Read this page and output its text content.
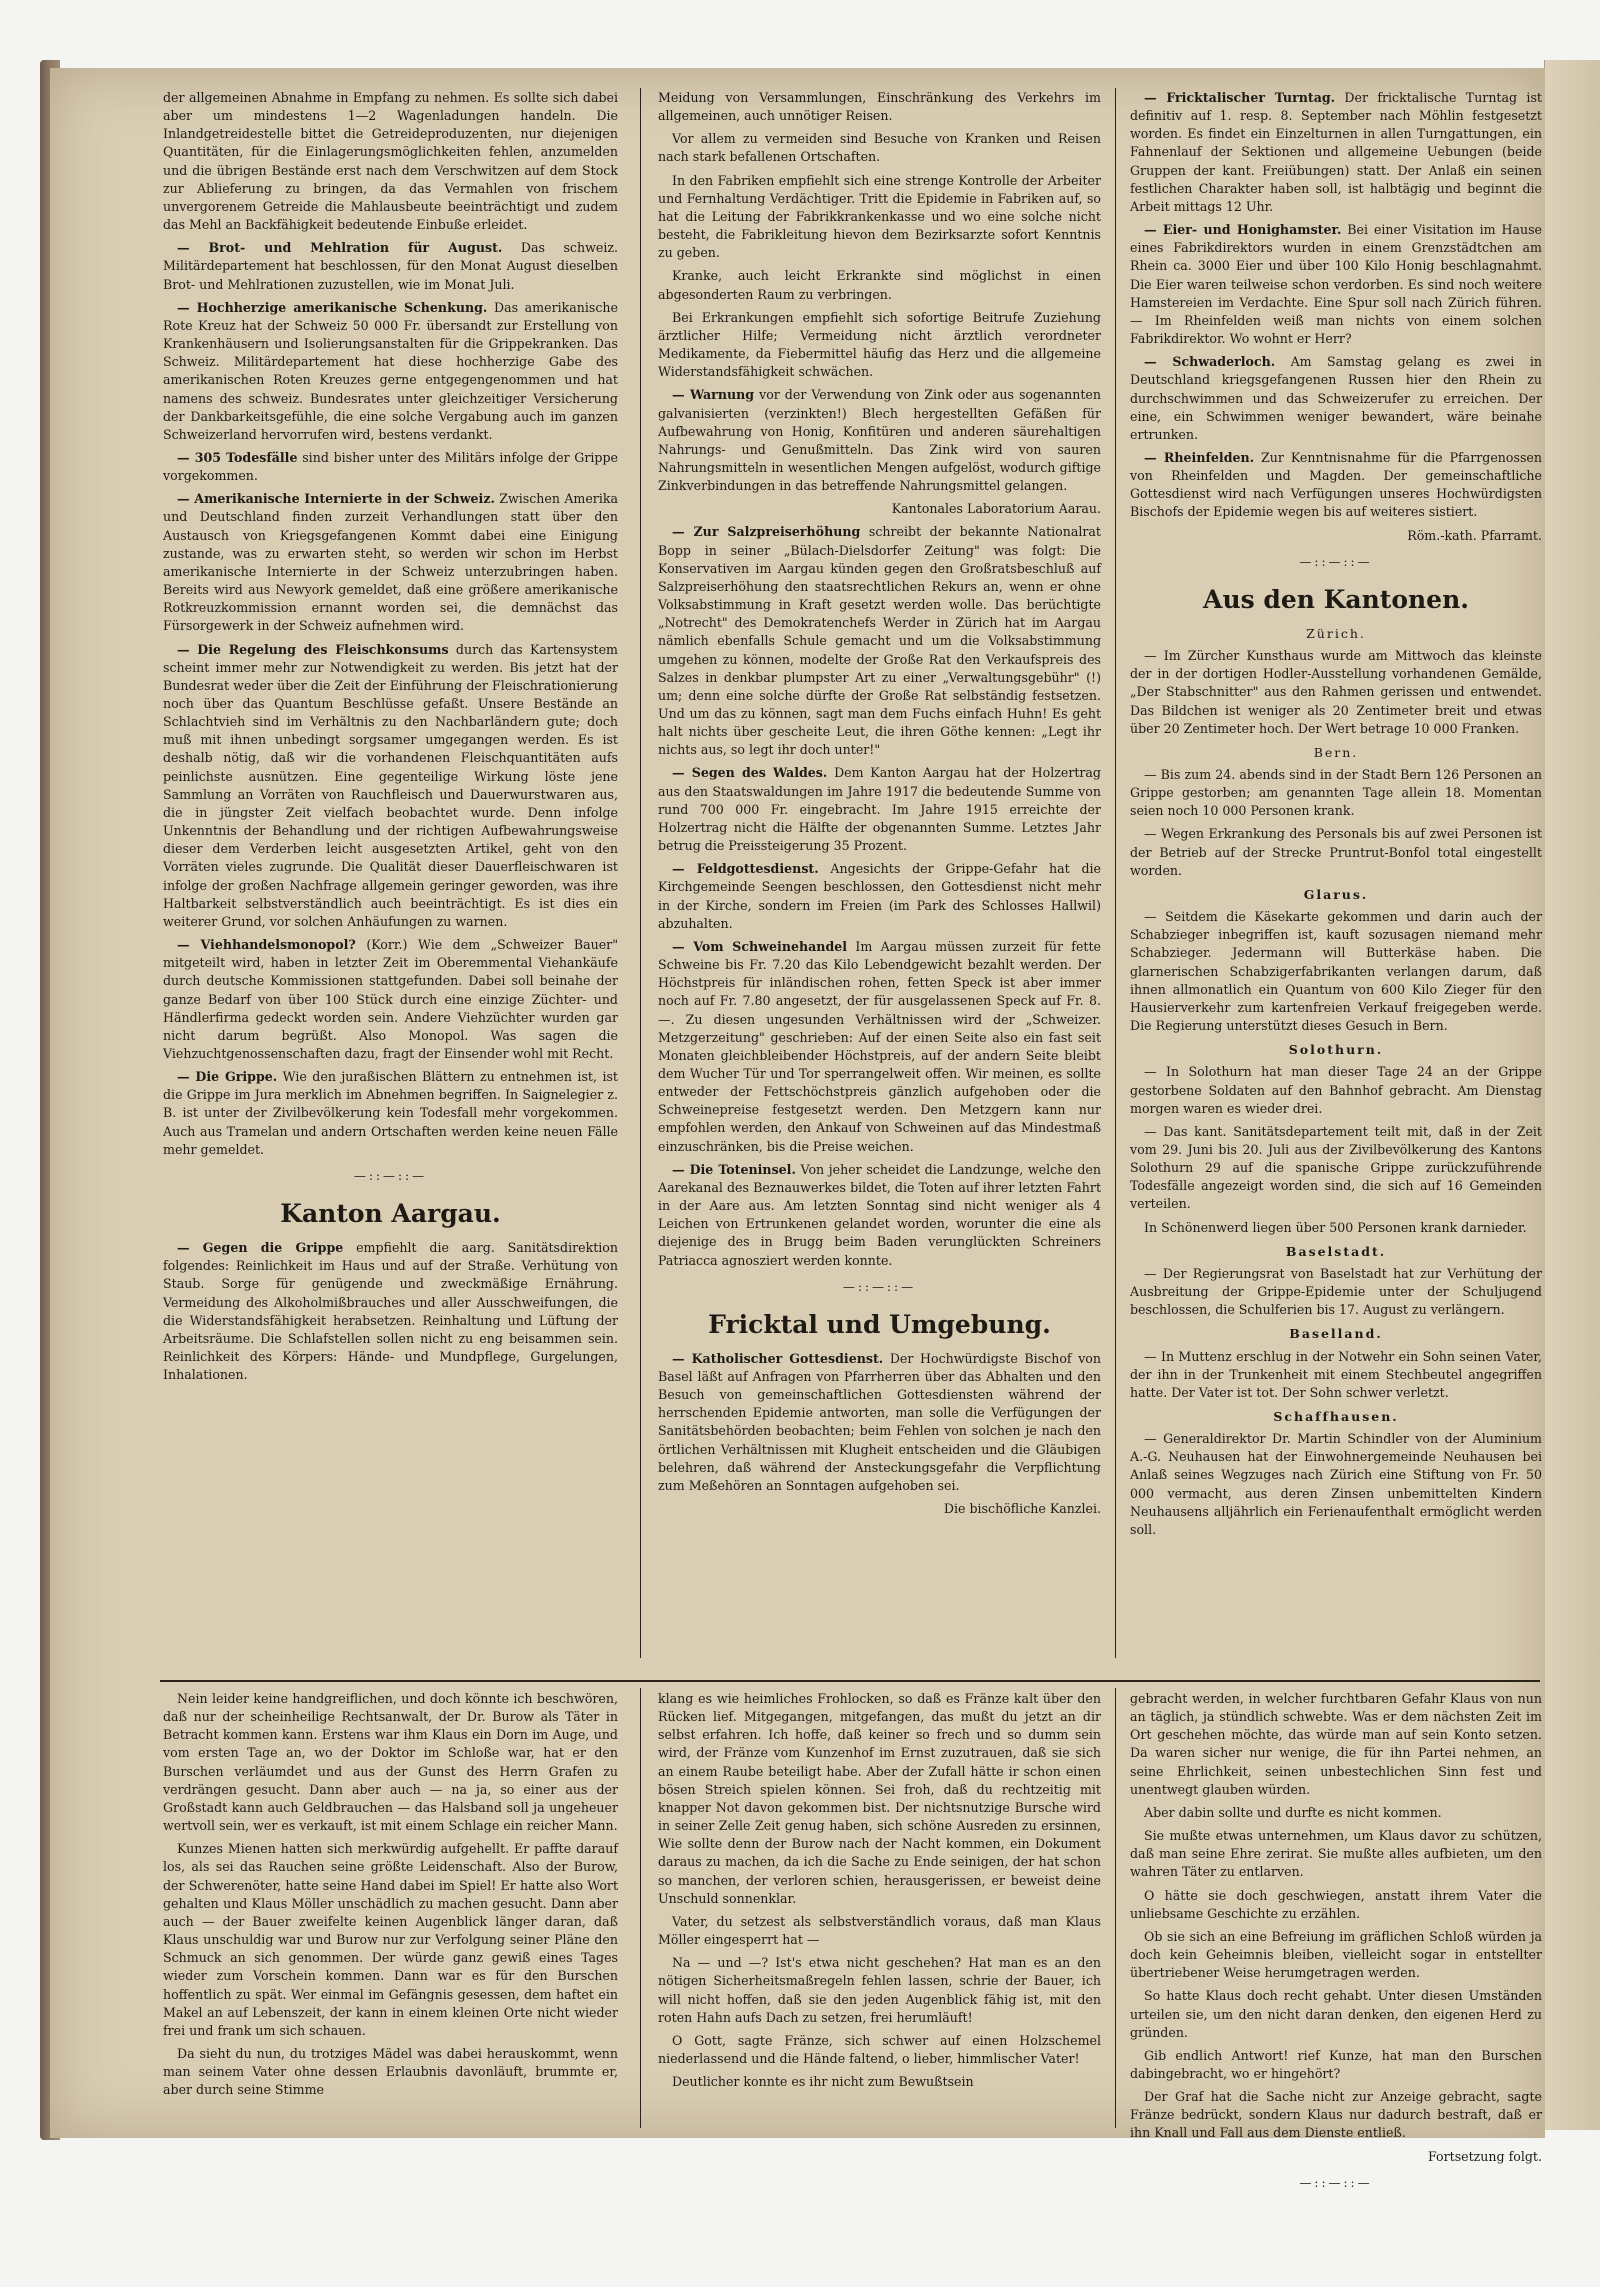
der allgemeinen Abnahme in Empfang zu nehmen. Es sollte sich dabei aber um mindestens 1—2 Wagenladungen handeln. Die Inlandgetreidestelle bittet die Getreideproduzenten, nur diejenigen Quantitäten, für die Einlagerungsmöglichkeiten fehlen, anzumelden und die übrigen Bestände erst nach dem Verschwitzen auf dem Stock zur Ablieferung zu bringen, da das Vermahlen von frischem unvergorenem Getreide die Mahlausbeute beeinträchtigt und zudem das Mehl an Backfähigkeit bedeutende Einbuße erleidet.

— Brot- und Mehlration für August. Das schweiz. Militärdepartement hat beschlossen, für den Monat August dieselben Brot- und Mehlrationen zuzustellen, wie im Monat Juli.

— Hochherzige amerikanische Schenkung. Das amerikanische Rote Kreuz hat der Schweiz 50 000 Fr. übersandt zur Erstellung von Krankenhäusern und Isolierungsanstalten für die Grippekranken. Das Schweiz. Militärdepartement hat diese hochherzige Gabe des amerikanischen Roten Kreuzes gerne entgegengenommen und hat namens des schweiz. Bundesrates unter gleichzeitiger Versicherung der Dankbarkeitsgefühle, die eine solche Vergabung auch im ganzen Schweizerland hervorrufen wird, bestens verdankt.

— 305 Todesfälle sind bisher unter des Militärs infolge der Grippe vorgekommen.

— Amerikanische Internierte in der Schweiz. Zwischen Amerika und Deutschland finden zurzeit Verhandlungen statt über den Austausch von Kriegsgefangenen Kommt dabei eine Einigung zustande, was zu erwarten steht, so werden wir schon im Herbst amerikanische Internierte in der Schweiz unterzubringen haben. Bereits wird aus Newyork gemeldet, daß eine größere amerikanische Rotkreuzkommission ernannt worden sei, die demnächst das Fürsorgewerk in der Schweiz aufnehmen wird.

— Die Regelung des Fleischkonsums durch das Kartensystem scheint immer mehr zur Notwendigkeit zu werden. Bis jetzt hat der Bundesrat weder über die Zeit der Einführung der Fleischrationierung noch über das Quantum Beschlüsse gefaßt. Unsere Bestände an Schlachtvieh sind im Verhältnis zu den Nachbarländern gute; doch muß mit ihnen unbedingt sorgsamer umgegangen werden. Es ist deshalb nötig, daß wir die vorhandenen Fleischquantitäten aufs peinlichste ausnützen. Eine gegenteilige Wirkung löste jene Sammlung an Vorräten von Rauchfleisch und Dauerwurstwaren aus, die in jüngster Zeit vielfach beobachtet wurde. Denn infolge Unkenntnis der Behandlung und der richtigen Aufbewahrungsweise dieser dem Verderben leicht ausgesetzten Artikel, geht von den Vorräten vieles zugrunde. Die Qualität dieser Dauerfleischwaren ist infolge der großen Nachfrage allgemein geringer geworden, was ihre Haltbarkeit selbstverständlich auch beeinträchtigt. Es ist dies ein weiterer Grund, vor solchen Anhäufungen zu warnen.

— Viehhandelsmonopol? (Korr.) Wie dem „Schweizer Bauer" mitgeteilt wird, haben in letzter Zeit im Oberemmental Viehankäufe durch deutsche Kommissionen stattgefunden. Dabei soll beinahe der ganze Bedarf von über 100 Stück durch eine einzige Züchter- und Händlerfirma gedeckt worden sein. Andere Viehzüchter wurden gar nicht darum begrüßt. Also Monopol. Was sagen die Viehzuchtgenossenschaften dazu, fragt der Einsender wohl mit Recht.

— Die Grippe. Wie den juraßischen Blättern zu entnehmen ist, ist die Grippe im Jura merklich im Abnehmen begriffen. In Saignelegier z. B. ist unter der Zivilbevölkerung kein Todesfall mehr vorgekommen. Auch aus Tramelan und andern Ortschaften werden keine neuen Fälle mehr gemeldet.

—::—::—
Kanton Aargau.

— Gegen die Grippe empfiehlt die aarg. Sanitätsdirektion folgendes: Reinlichkeit im Haus und auf der Straße. Verhütung von Staub. Sorge für genügende und zweckmäßige Ernährung. Vermeidung des Alkoholmißbrauches und aller Ausschweifungen, die die Widerstandsfähigkeit herabsetzen. Reinhaltung und Lüftung der Arbeitsräume. Die Schlafstellen sollen nicht zu eng beisammen sein. Reinlichkeit des Körpers: Hände- und Mundpflege, Gurgelungen, Inhalationen.

Meidung von Versammlungen, Einschränkung des Verkehrs im allgemeinen, auch unnötiger Reisen.

Vor allem zu vermeiden sind Besuche von Kranken und Reisen nach stark befallenen Ortschaften.

In den Fabriken empfiehlt sich eine strenge Kontrolle der Arbeiter und Fernhaltung Verdächtiger. Tritt die Epidemie in Fabriken auf, so hat die Leitung der Fabrikkrankenkasse und wo eine solche nicht besteht, die Fabrikleitung hievon dem Bezirksarzte sofort Kenntnis zu geben.

Kranke, auch leicht Erkrankte sind möglichst in einen abgesonderten Raum zu verbringen.

Bei Erkrankungen empfiehlt sich sofortige Beitrufe Zuziehung ärztlicher Hilfe; Vermeidung nicht ärztlich verordneter Medikamente, da Fiebermittel häufig das Herz und die allgemeine Widerstandsfähigkeit schwächen.

— Warnung vor der Verwendung von Zink oder aus sogenannten galvanisierten (verzinkten!) Blech hergestellten Gefäßen für Aufbewahrung von Honig, Konfitüren und anderen säurehaltigen Nahrungs- und Genußmitteln. Das Zink wird von sauren Nahrungsmitteln in wesentlichen Mengen aufgelöst, wodurch giftige Zinkverbindungen in das betreffende Nahrungsmittel gelangen.

Kantonales Laboratorium Aarau.

— Zur Salzpreiserhöhung schreibt der bekannte Nationalrat Bopp in seiner „Bülach-Dielsdorfer Zeitung" was folgt: Die Konservativen im Aargau künden gegen den Großratsbeschluß auf Salzpreiserhöhung den staatsrechtlichen Rekurs an, wenn er ohne Volksabstimmung in Kraft gesetzt werden wolle. Das berüchtigte „Notrecht" des Demokratenchefs Werder in Zürich hat im Aargau nämlich ebenfalls Schule gemacht und um die Volksabstimmung umgehen zu können, modelte der Große Rat den Verkaufspreis des Salzes in denkbar plumpster Art zu einer „Verwaltungsgebühr" (!) um; denn eine solche dürfte der Große Rat selbständig festsetzen. Und um das zu können, sagt man dem Fuchs einfach Huhn! Es geht halt nichts über gescheite Leut, die ihren Göthe kennen: „Legt ihr nichts aus, so legt ihr doch unter!"

— Segen des Waldes. Dem Kanton Aargau hat der Holzertrag aus den Staatswaldungen im Jahre 1917 die bedeutende Summe von rund 700 000 Fr. eingebracht. Im Jahre 1915 erreichte der Holzertrag nicht die Hälfte der obgenannten Summe. Letztes Jahr betrug die Preissteigerung 35 Prozent.

— Feldgottesdienst. Angesichts der Grippe-Gefahr hat die Kirchgemeinde Seengen beschlossen, den Gottesdienst nicht mehr in der Kirche, sondern im Freien (im Park des Schlosses Hallwil) abzuhalten.

— Vom Schweinehandel Im Aargau müssen zurzeit für fette Schweine bis Fr. 7.20 das Kilo Lebendgewicht bezahlt werden. Der Höchstpreis für inländischen rohen, fetten Speck ist aber immer noch auf Fr. 7.80 angesetzt, der für ausgelassenen Speck auf Fr. 8.—. Zu diesen ungesunden Verhältnissen wird der „Schweizer. Metzgerzeitung" geschrieben: Auf der einen Seite also ein fast seit Monaten gleichbleibender Höchstpreis, auf der andern Seite bleibt dem Wucher Tür und Tor sperrangelweit offen. Wir meinen, es sollte entweder der Fettschöchstpreis gänzlich aufgehoben oder die Schweinepreise festgesetzt werden. Den Metzgern kann nur empfohlen werden, den Ankauf von Schweinen auf das Mindestmaß einzuschränken, bis die Preise weichen.

— Die Toteninsel. Von jeher scheidet die Landzunge, welche den Aarekanal des Beznauwerkes bildet, die Toten auf ihrer letzten Fahrt in der Aare aus. Am letzten Sonntag sind nicht weniger als 4 Leichen von Ertrunkenen gelandet worden, worunter die eine als diejenige des in Brugg beim Baden verunglückten Schreiners Patriacca agnosziert werden konnte.

—::—::—
Fricktal und Umgebung.

— Katholischer Gottesdienst. Der Hochwürdigste Bischof von Basel läßt auf Anfragen von Pfarrherren über das Abhalten und den Besuch von gemeinschaftlichen Gottesdiensten während der herrschenden Epidemie antworten, man solle die Verfügungen der Sanitätsbehörden beobachten; beim Fehlen von solchen je nach den örtlichen Verhältnissen mit Klugheit entscheiden und die Gläubigen belehren, daß während der Ansteckungsgefahr die Verpflichtung zum Meßehören an Sonntagen aufgehoben sei.

Die bischöfliche Kanzlei.

— Fricktalischer Turntag. Der fricktalische Turntag ist definitiv auf 1. resp. 8. September nach Möhlin festgesetzt worden. Es findet ein Einzelturnen in allen Turngattungen, ein Fahnenlauf der Sektionen und allgemeine Uebungen (beide Gruppen der kant. Freiübungen) statt. Der Anlaß ein seinen festlichen Charakter haben soll, ist halbtägig und beginnt die Arbeit mittags 12 Uhr.

— Eier- und Honighamster. Bei einer Visitation im Hause eines Fabrikdirektors wurden in einem Grenzstädtchen am Rhein ca. 3000 Eier und über 100 Kilo Honig beschlagnahmt. Die Eier waren teilweise schon verdorben. Es sind noch weitere Hamstereien im Verdachte. Eine Spur soll nach Zürich führen. — Im Rheinfelden weiß man nichts von einem solchen Fabrikdirektor. Wo wohnt er Herr?

— Schwaderloch. Am Samstag gelang es zwei in Deutschland kriegsgefangenen Russen hier den Rhein zu durchschwimmen und das Schweizerufer zu erreichen. Der eine, ein Schwimmen weniger bewandert, wäre beinahe ertrunken.

— Rheinfelden. Zur Kenntnisnahme für die Pfarrgenossen von Rheinfelden und Magden. Der gemeinschaftliche Gottesdienst wird nach Verfügungen unseres Hochwürdigsten Bischofs der Epidemie wegen bis auf weiteres sistiert.

Röm.-kath. Pfarramt.

—::—::—
Aus den Kantonen.
Zürich.

— Im Zürcher Kunsthaus wurde am Mittwoch das kleinste der in der dortigen Hodler-Ausstellung vorhandenen Gemälde, „Der Stabschnitter" aus den Rahmen gerissen und entwendet. Das Bildchen ist weniger als 20 Zentimeter breit und etwas über 20 Zentimeter hoch. Der Wert betrage 10 000 Franken.

Bern.

— Bis zum 24. abends sind in der Stadt Bern 126 Personen an Grippe gestorben; am genannten Tage allein 18. Momentan seien noch 10 000 Personen krank.

— Wegen Erkrankung des Personals bis auf zwei Personen ist der Betrieb auf der Strecke Pruntrut-Bonfol total eingestellt worden.

Glarus.

— Seitdem die Käsekarte gekommen und darin auch der Schabzieger inbegriffen ist, kauft sozusagen niemand mehr Schabzieger. Jedermann will Butterkäse haben. Die glarnerischen Schabzigerfabrikanten verlangen darum, daß ihnen allmonatlich ein Quantum von 600 Kilo Zieger für den Hausierverkehr zum kartenfreien Verkauf freigegeben werde. Die Regierung unterstützt dieses Gesuch in Bern.

Solothurn.

— In Solothurn hat man dieser Tage 24 an der Grippe gestorbene Soldaten auf den Bahnhof gebracht. Am Dienstag morgen waren es wieder drei.

— Das kant. Sanitätsdepartement teilt mit, daß in der Zeit vom 29. Juni bis 20. Juli aus der Zivilbevölkerung des Kantons Solothurn 29 auf die spanische Grippe zurückzuführende Todesfälle angezeigt worden sind, die sich auf 16 Gemeinden verteilen.

In Schönenwerd liegen über 500 Personen krank darnieder.

Baselstadt.

— Der Regierungsrat von Baselstadt hat zur Verhütung der Ausbreitung der Grippe-Epidemie unter der Schuljugend beschlossen, die Schulferien bis 17. August zu verlängern.

Baselland.

— In Muttenz erschlug in der Notwehr ein Sohn seinen Vater, der ihn in der Trunkenheit mit einem Stechbeutel angegriffen hatte. Der Vater ist tot. Der Sohn schwer verletzt.

Schaffhausen.

— Generaldirektor Dr. Martin Schindler von der Aluminium A.-G. Neuhausen hat der Einwohnergemeinde Neuhausen bei Anlaß seines Wegzuges nach Zürich eine Stiftung von Fr. 50 000 vermacht, aus deren Zinsen unbemittelten Kindern Neuhausens alljährlich ein Ferienaufenthalt ermöglicht werden soll.

Nein leider keine handgreiflichen, und doch könnte ich beschwören, daß nur der scheinheilige Rechtsanwalt, der Dr. Burow als Täter in Betracht kommen kann. Erstens war ihm Klaus ein Dorn im Auge, und vom ersten Tage an, wo der Doktor im Schloße war, hat er den Burschen verläumdet und aus der Gunst des Herrn Grafen zu verdrängen gesucht. Dann aber auch — na ja, so einer aus der Großstadt kann auch Geldbrauchen — das Halsband soll ja ungeheuer wertvoll sein, wer es verkauft, ist mit einem Schlage ein reicher Mann.

Kunzes Mienen hatten sich merkwürdig aufgehellt. Er paffte darauf los, als sei das Rauchen seine größte Leidenschaft. Also der Burow, der Schwerenöter, hatte seine Hand dabei im Spiel! Er hatte also Wort gehalten und Klaus Möller unschädlich zu machen gesucht. Dann aber auch — der Bauer zweifelte keinen Augenblick länger daran, daß Klaus unschuldig war und Burow nur zur Verfolgung seiner Pläne den Schmuck an sich genommen. Der würde ganz gewiß eines Tages wieder zum Vorschein kommen. Dann war es für den Burschen hoffentlich zu spät. Wer einmal im Gefängnis gesessen, dem haftet ein Makel an auf Lebenszeit, der kann in einem kleinen Orte nicht wieder frei und frank um sich schauen.

Da sieht du nun, du trotziges Mädel was dabei herauskommt, wenn man seinem Vater ohne dessen Erlaubnis davonläuft, brummte er, aber durch seine Stimme

klang es wie heimliches Frohlocken, so daß es Fränze kalt über den Rücken lief. Mitgegangen, mitgefangen, das mußt du jetzt an dir selbst erfahren. Ich hoffe, daß keiner so frech und so dumm sein wird, der Fränze vom Kunzenhof im Ernst zuzutrauen, daß sie sich an einem Raube beteiligt habe. Aber der Zufall hätte ir schon einen bösen Streich spielen können. Sei froh, daß du rechtzeitig mit knapper Not davon gekommen bist. Der nichtsnutzige Bursche wird in seiner Zelle Zeit genug haben, sich schöne Ausreden zu ersinnen, Wie sollte denn der Burow nach der Nacht kommen, ein Dokument daraus zu machen, da ich die Sache zu Ende seinigen, der hat schon so manchen, der verloren schien, herausgerissen, er beweist deine Unschuld sonnenklar.

Vater, du setzest als selbstverständlich voraus, daß man Klaus Möller eingesperrt hat —

Na — und —? Ist's etwa nicht geschehen? Hat man es an den nötigen Sicherheitsmaßregeln fehlen lassen, schrie der Bauer, ich will nicht hoffen, daß sie den jeden Augenblick fähig ist, mit den roten Hahn aufs Dach zu setzen, frei herumläuft!

O Gott, sagte Fränze, sich schwer auf einen Holzschemel niederlassend und die Hände faltend, o lieber, himmlischer Vater!

Deutlicher konnte es ihr nicht zum Bewußtsein

gebracht werden, in welcher furchtbaren Gefahr Klaus von nun an täglich, ja stündlich schwebte. Was er dem nächsten Zeit im Ort geschehen möchte, das würde man auf sein Konto setzen. Da waren sicher nur wenige, die für ihn Partei nehmen, an seine Ehrlichkeit, seinen unbestechlichen Sinn fest und unentwegt glauben würden.

Aber dabin sollte und durfte es nicht kommen.

Sie mußte etwas unternehmen, um Klaus davor zu schützen, daß man seine Ehre zerirat. Sie mußte alles aufbieten, um den wahren Täter zu entlarven.

O hätte sie doch geschwiegen, anstatt ihrem Vater die unliebsame Geschichte zu erzählen.

Ob sie sich an eine Befreiung im gräflichen Schloß würden ja doch kein Geheimnis bleiben, vielleicht sogar in entstellter übertriebener Weise herumgetragen werden.

So hatte Klaus doch recht gehabt. Unter diesen Umständen urteilen sie, um den nicht daran denken, den eigenen Herd zu gründen.

Gib endlich Antwort! rief Kunze, hat man den Burschen dabingebracht, wo er hingehört?

Der Graf hat die Sache nicht zur Anzeige gebracht, sagte Fränze bedrückt, sondern Klaus nur dadurch bestraft, daß er ihn Knall und Fall aus dem Dienste entließ.

Fortsetzung folgt.

—::—::—
